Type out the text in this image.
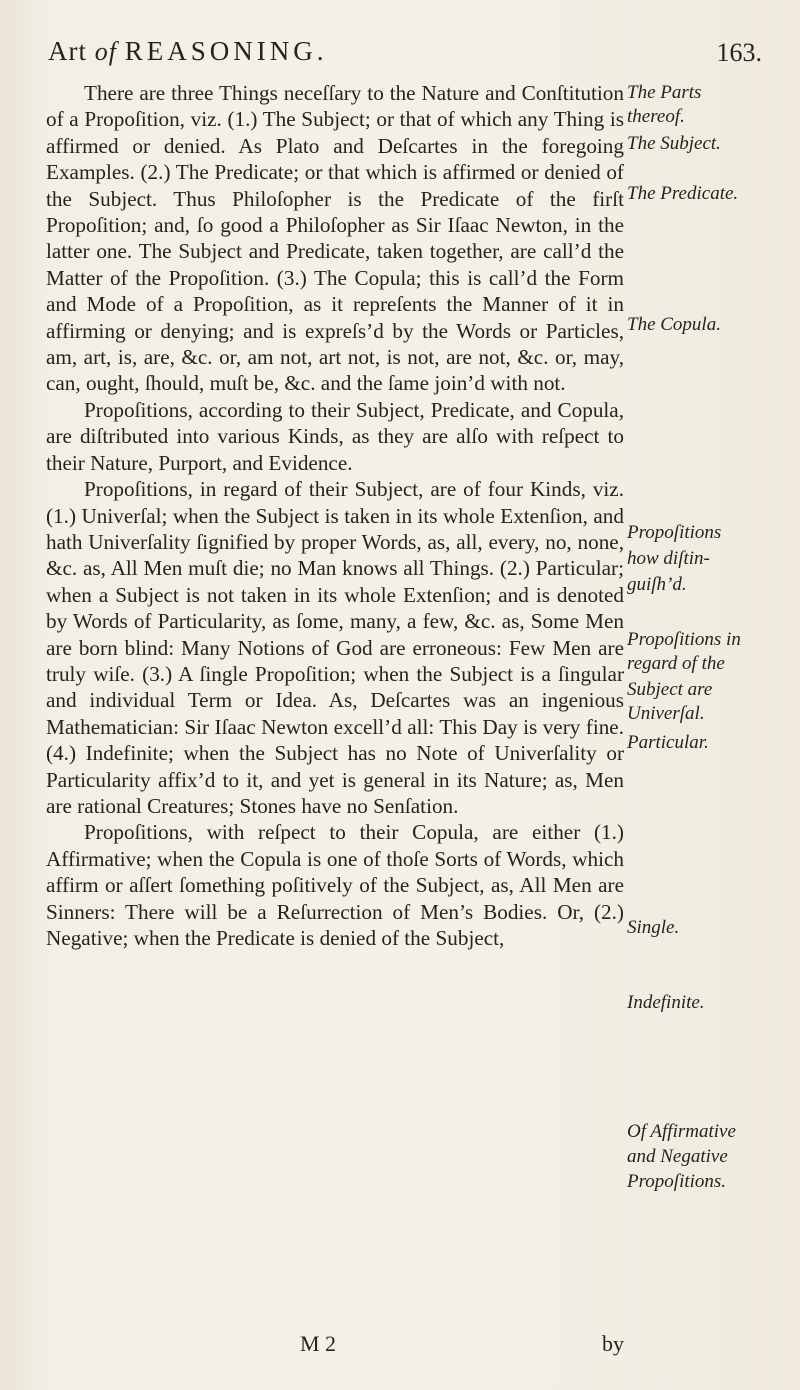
Art of REASONING.	163.

There are three Things neceſſary to the Nature and Conſtitution of a Propoſition, viz. (1.) The Subject; or that of which any Thing is affirmed or denied. As Plato and Deſcartes in the foregoing Examples. (2.) The Predicate; or that which is affirmed or denied of the Subject. Thus Philoſopher is the Predicate of the firſt Propoſition; and, ſo good a Philoſopher as Sir Iſaac Newton, in the latter one. The Subject and Predicate, taken together, are call’d the Matter of the Propoſition. (3.) The Copula; this is call’d the Form and Mode of a Propoſition, as it repreſents the Manner of it in affirming or denying; and is expreſs’d by the Words or Particles, am, art, is, are, &c. or, am not, art not, is not, are not, &c. or, may, can, ought, ſhould, muſt be, &c. and the ſame join’d with not.

Propoſitions, according to their Subject, Predicate, and Copula, are diſtributed into various Kinds, as they are alſo with reſpect to their Nature, Purport, and Evidence.

Propoſitions, in regard of their Subject, are of four Kinds, viz. (1.) Univerſal; when the Subject is taken in its whole Extenſion, and hath Univerſality ſignified by proper Words, as, all, every, no, none, &c. as, All Men muſt die; no Man knows all Things. (2.) Particular; when a Subject is not taken in its whole Extenſion; and is denoted by Words of Particularity, as ſome, many, a few, &c. as, Some Men are born blind: Many Notions of God are erroneous: Few Men are truly wiſe. (3.) A ſingle Propoſition; when the Subject is a ſingular and individual Term or Idea. As, Deſcartes was an ingenious Mathematician: Sir Iſaac Newton excell’d all: This Day is very fine. (4.) Indefinite; when the Subject has no Note of Univerſality or Particularity affix’d to it, and yet is general in its Nature; as, Men are rational Creatures; Stones have no Senſation.

Propoſitions, with reſpect to their Copula, are either (1.) Affirmative; when the Copula is one of thoſe Sorts of Words, which affirm or aſſert ſomething poſitively of the Subject, as, All Men are Sinners: There will be a Reſurrection of Men’s Bodies. Or, (2.) Negative; when the Predicate is denied of the Subject,

The Parts
thereof.
The Subject.
The Predicate.
The Copula.
Propoſitions
how diſtin-
guiſh’d.
Propoſitions in
regard of the
Subject are
Univerſal.
Particular.
Single.
Indefinite.
Of Affirmative
and Negative
Propoſitions.
M 2	by
